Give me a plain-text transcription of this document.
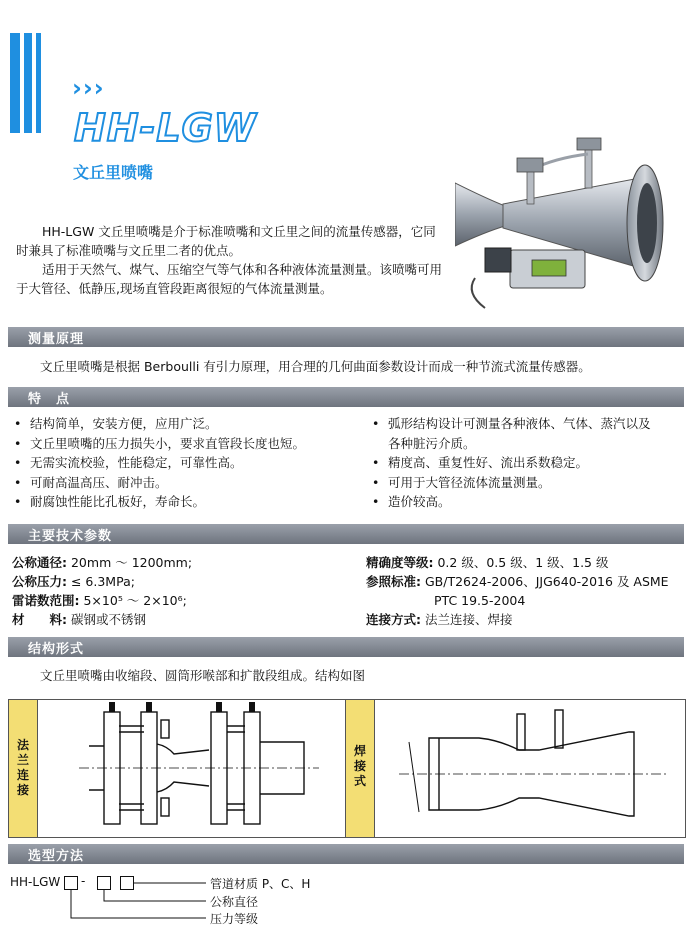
›››
HH-LGW
文丘里喷嘴

HH-LGW 文丘里喷嘴是介于标准喷嘴和文丘里之间的流量传感器，它同时兼具了标准喷嘴与文丘里二者的优点。

适用于天然气、煤气、压缩空气等气体和各种液体流量测量。该喷嘴可用于大管径、低静压,现场直管段距离很短的气体流量测量。

测量原理
文丘里喷嘴是根据 Berboulli 有引力原理，用合理的几何曲面参数设计而成一种节流式流量传感器。
特　点
• 结构简单，安装方便，应用广泛。
• 文丘里喷嘴的压力损失小，要求直管段长度也短。
• 无需实流校验，性能稳定，可靠性高。
• 可耐高温高压、耐冲击。
• 耐腐蚀性能比孔板好，寿命长。
• 弧形结构设计可测量各种液体、气体、蒸汽以及
各种脏污介质。
• 精度高、重复性好、流出系数稳定。
• 可用于大管径流体流量测量。
• 造价较高。
主要技术参数
公称通径: 20mm ～ 1200mm;
公称压力: ≤ 6.3MPa;
雷诺数范围: 5×10⁵ ～ 2×10⁶;
材　　料: 碳钢或不锈钢
精确度等级: 0.2 级、0.5 级、1 级、1.5 级
参照标准: GB/T2624-2006、JJG640-2016 及 ASME
PTC 19.5-2004
连接方式: 法兰连接、焊接
结构形式
文丘里喷嘴由收缩段、圆筒形喉部和扩散段组成。结构如图
法
兰
连
接
焊
接
式
选型方法
HH-LGW -	管道材质 P、C、H
公称直径
压力等级
